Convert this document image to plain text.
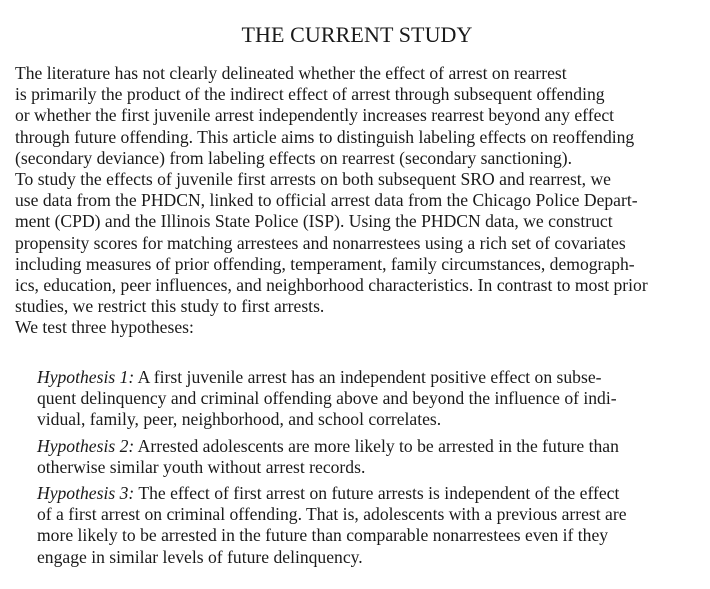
THE CURRENT STUDY
The literature has not clearly delineated whether the effect of arrest on rearrest
is primarily the product of the indirect effect of arrest through subsequent offending
or whether the first juvenile arrest independently increases rearrest beyond any effect
through future offending. This article aims to distinguish labeling effects on reoffending
(secondary deviance) from labeling effects on rearrest (secondary sanctioning).
To study the effects of juvenile first arrests on both subsequent SRO and rearrest, we
use data from the PHDCN, linked to official arrest data from the Chicago Police Depart-
ment (CPD) and the Illinois State Police (ISP). Using the PHDCN data, we construct
propensity scores for matching arrestees and nonarrestees using a rich set of covariates
including measures of prior offending, temperament, family circumstances, demograph-
ics, education, peer influences, and neighborhood characteristics. In contrast to most prior
studies, we restrict this study to first arrests.
We test three hypotheses:
Hypothesis 1: A first juvenile arrest has an independent positive effect on subse-
quent delinquency and criminal offending above and beyond the influence of indi-
vidual, family, peer, neighborhood, and school correlates.
Hypothesis 2: Arrested adolescents are more likely to be arrested in the future than
otherwise similar youth without arrest records.
Hypothesis 3: The effect of first arrest on future arrests is independent of the effect
of a first arrest on criminal offending. That is, adolescents with a previous arrest are
more likely to be arrested in the future than comparable nonarrestees even if they
engage in similar levels of future delinquency.
